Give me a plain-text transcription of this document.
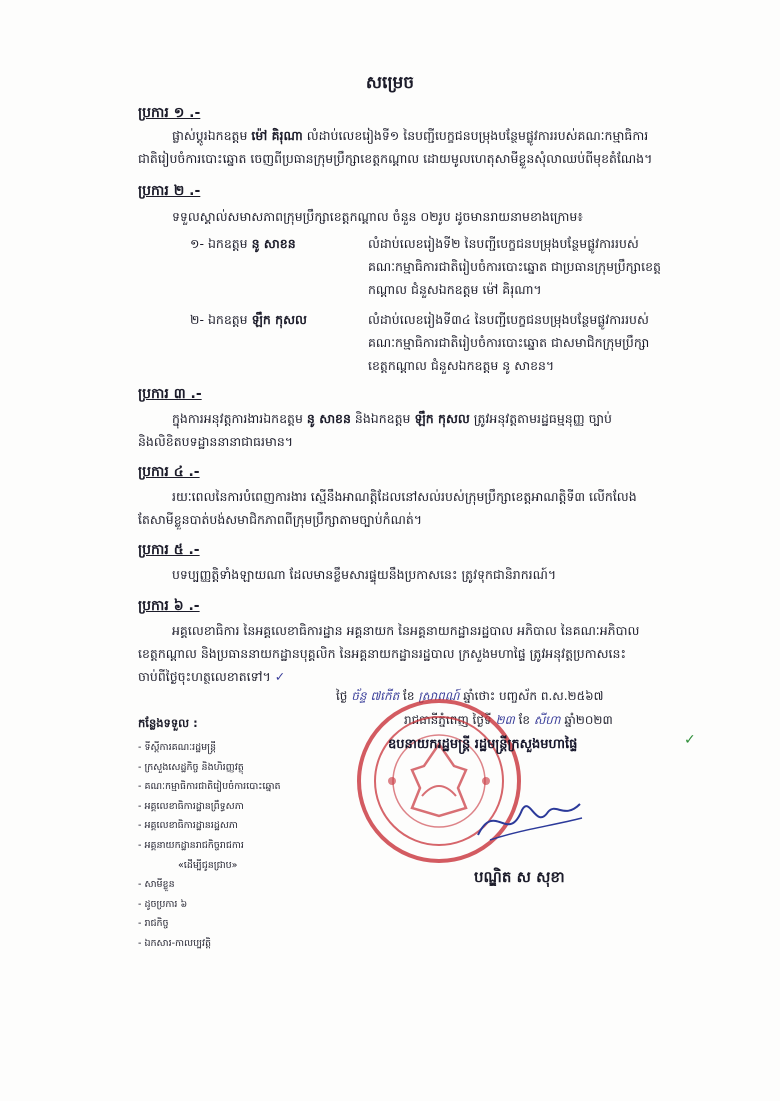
សម្រេច
ប្រការ ១ .-
ផ្លាស់ប្តូរឯកឧត្តម ម៉ៅ គិរុណា លំដាប់លេខរៀងទី១ នៃបញ្ជីបេក្ខជនបម្រុងបន្ថែមផ្លូវការរបស់គណៈកម្មាធិការ
ជាតិរៀបចំការបោះឆ្នោត ចេញពីប្រធានក្រុមប្រឹក្សាខេត្តកណ្តាល ដោយមូលហេតុសាមីខ្លួនសុំលាឈប់ពីមុខតំណែង។
ប្រការ ២ .-
ទទួលស្គាល់សមាសភាពក្រុមប្រឹក្សាខេត្តកណ្តាល ចំនួន ០២រូប ដូចមានរាយនាមខាងក្រោម៖
១- ឯកឧត្តម នូ សាខន	លំដាប់លេខរៀងទី២ នៃបញ្ជីបេក្ខជនបម្រុងបន្ថែមផ្លូវការរបស់
គណៈកម្មាធិការជាតិរៀបចំការបោះឆ្នោត ជាប្រធានក្រុមប្រឹក្សាខេត្ត
កណ្តាល ជំនួសឯកឧត្តម ម៉ៅ គិរុណា។
២- ឯកឧត្តម ឡឹក កុសល	លំដាប់លេខរៀងទី៣៤ នៃបញ្ជីបេក្ខជនបម្រុងបន្ថែមផ្លូវការរបស់
គណៈកម្មាធិការជាតិរៀបចំការបោះឆ្នោត ជាសមាជិកក្រុមប្រឹក្សា
ខេត្តកណ្តាល ជំនួសឯកឧត្តម នូ សាខន។
ប្រការ ៣ .-
ក្នុងការអនុវត្តការងារឯកឧត្តម នូ សាខន និងឯកឧត្តម ឡឹក កុសល ត្រូវអនុវត្តតាមរដ្ឋធម្មនុញ្ញ ច្បាប់
និងលិខិតបទដ្ឋាននានាជាធរមាន។
ប្រការ ៤ .-
រយៈពេលនៃការបំពេញការងារ ស្មើនឹងអាណត្តិដែលនៅសល់របស់ក្រុមប្រឹក្សាខេត្តអាណត្តិទី៣ លើកលែង
តែសាមីខ្លួនបាត់បង់សមាជិកភាពពីក្រុមប្រឹក្សាតាមច្បាប់កំណត់។
ប្រការ ៥ .-
បទប្បញ្ញត្តិទាំងឡាយណា ដែលមានខ្លឹមសារផ្ទុយនឹងប្រកាសនេះ ត្រូវទុកជានិរាករណ៍។
ប្រការ ៦ .-
អគ្គលេខាធិការ នៃអគ្គលេខាធិការដ្ឋាន អគ្គនាយក នៃអគ្គនាយកដ្ឋានរដ្ឋបាល អភិបាល នៃគណៈអភិបាល
ខេត្តកណ្តាល និងប្រធាននាយកដ្ឋានបុគ្គលិក នៃអគ្គនាយកដ្ឋានរដ្ឋបាល ក្រសួងមហាផ្ទៃ ត្រូវអនុវត្តប្រកាសនេះ
ចាប់ពីថ្ងៃចុះហត្ថលេខាតទៅ។ ✓
ថ្ងៃ ច័ន្ទ ៧កើត ខែ ស្រាពណ៍ ឆ្នាំថោះ បញ្ចស័ក ព.ស.២៥៦៧
រាជធានីភ្នំពេញ ថ្ងៃទី ២៣ ខែ សីហា ឆ្នាំ២០២៣
ឧបនាយករដ្ឋមន្ត្រី រដ្ឋមន្ត្រីក្រសួងមហាផ្ទៃ	✓
បណ្ឌិត ស សុខា
កន្លែងទទួល :
- ទីស្តីការគណៈរដ្ឋមន្ត្រី
- ក្រសួងសេដ្ឋកិច្ច និងហិរញ្ញវត្ថុ
- គណៈកម្មាធិការជាតិរៀបចំការបោះឆ្នោត
- អគ្គលេខាធិការដ្ឋានព្រឹទ្ធសភា
- អគ្គលេខាធិការដ្ឋានរដ្ឋសភា
- អគ្គនាយកដ្ឋានរាជកិច្ចរាជការ
«ដើម្បីជូនជ្រាប»
- សាមីខ្លួន
- ដូចប្រការ ៦
- រាជកិច្ច
- ឯកសារ-កាលប្បវត្តិ
